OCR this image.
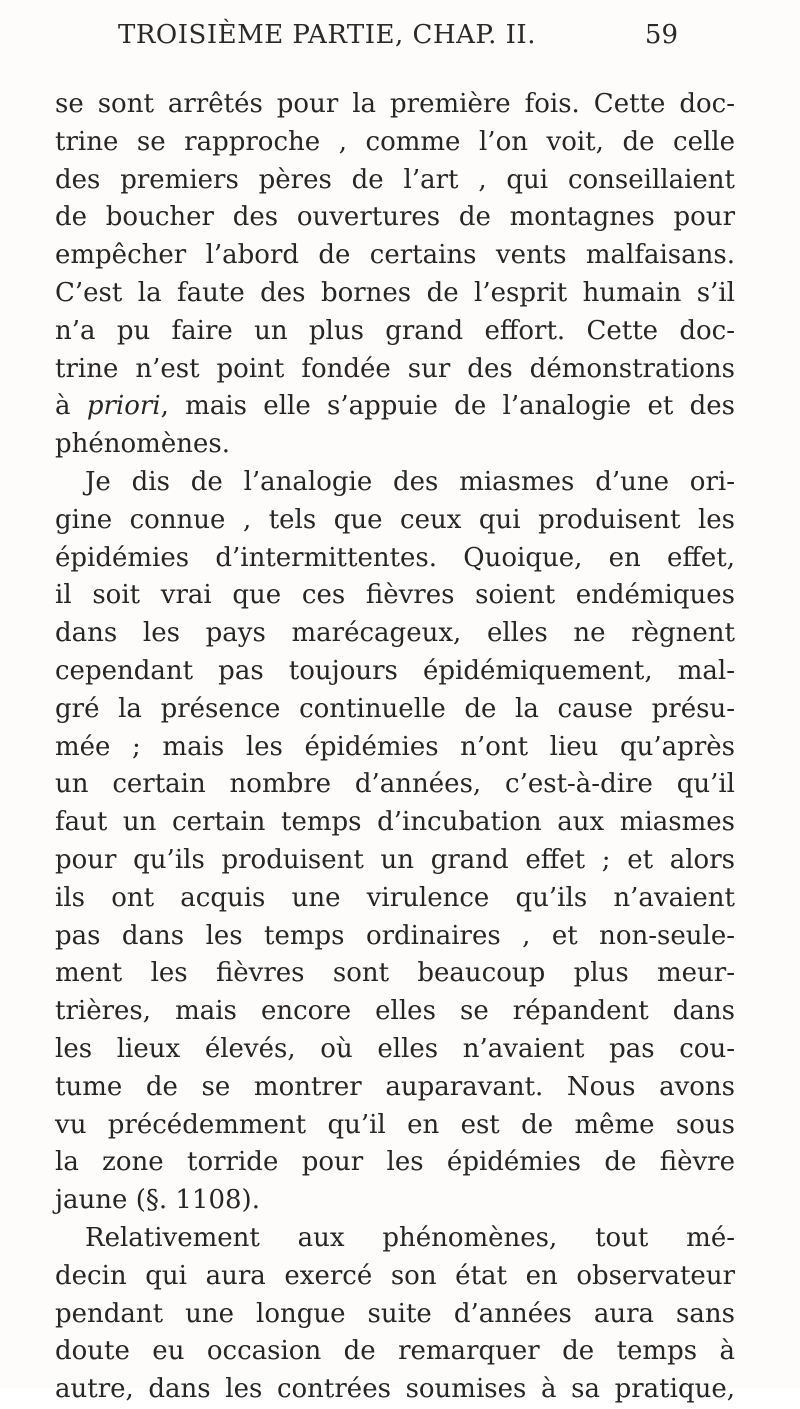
TROISIÈME PARTIE, CHAP. II.	59
se sont arrêtés pour la première fois. Cette doc-
trine se rapproche , comme l’on voit, de celle
des premiers pères de l’art , qui conseillaient
de boucher des ouvertures de montagnes pour
empêcher l’abord de certains vents malfaisans.
C’est la faute des bornes de l’esprit humain s’il
n’a pu faire un plus grand effort. Cette doc-
trine n’est point fondée sur des démonstrations
à priori, mais elle s’appuie de l’analogie et des
phénomènes.
Je dis de l’analogie des miasmes d’une ori-
gine connue , tels que ceux qui produisent les
épidémies d’intermittentes. Quoique, en effet,
il soit vrai que ces fièvres soient endémiques
dans les pays marécageux, elles ne règnent
cependant pas toujours épidémiquement, mal-
gré la présence continuelle de la cause présu-
mée ; mais les épidémies n’ont lieu qu’après
un certain nombre d’années, c’est-à-dire qu’il
faut un certain temps d’incubation aux miasmes
pour qu’ils produisent un grand effet ; et alors
ils ont acquis une virulence qu’ils n’avaient
pas dans les temps ordinaires , et non-seule-
ment les fièvres sont beaucoup plus meur-
trières, mais encore elles se répandent dans
les lieux élevés, où elles n’avaient pas cou-
tume de se montrer auparavant. Nous avons
vu précédemment qu’il en est de même sous
la zone torride pour les épidémies de fièvre
jaune (§. 1108).
Relativement aux phénomènes, tout mé-
decin qui aura exercé son état en observateur
pendant une longue suite d’années aura sans
doute eu occasion de remarquer de temps à
autre, dans les contrées soumises à sa pratique,
